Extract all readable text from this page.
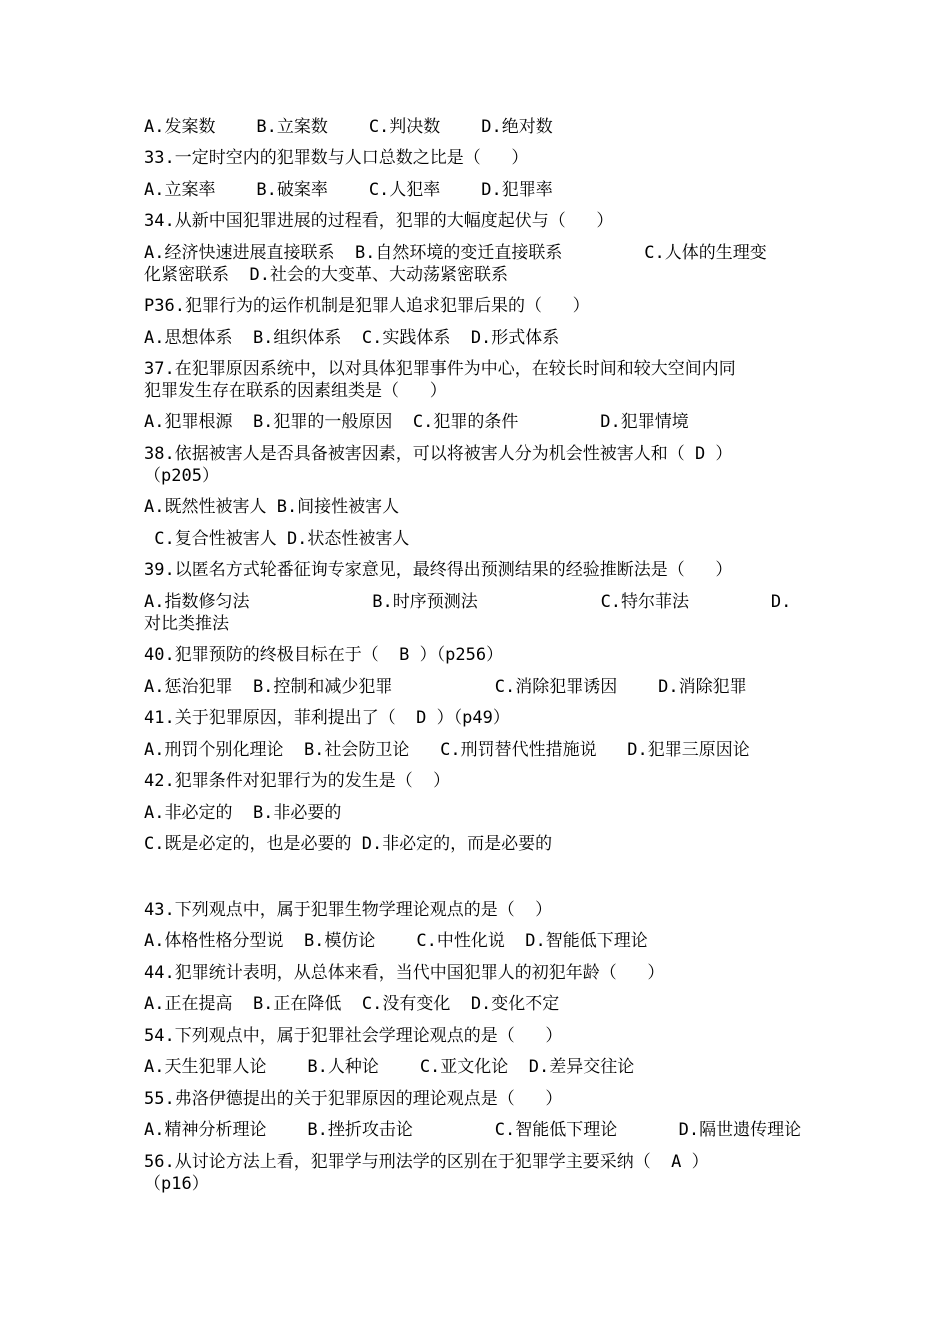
A.发案数    B.立案数    C.判决数    D.绝对数
33.一定时空内的犯罪数与人口总数之比是（   ）
A.立案率    B.破案率    C.人犯率    D.犯罪率
34.从新中国犯罪进展的过程看，犯罪的大幅度起伏与（   ）
A.经济快速进展直接联系  B.自然环境的变迁直接联系        C.人体的生理变
化紧密联系  D.社会的大变革、大动荡紧密联系
P36.犯罪行为的运作机制是犯罪人追求犯罪后果的（   ）
A.思想体系  B.组织体系  C.实践体系  D.形式体系
37.在犯罪原因系统中，以对具体犯罪事件为中心，在较长时间和较大空间内同
犯罪发生存在联系的因素组类是（   ）
A.犯罪根源  B.犯罪的一般原因  C.犯罪的条件        D.犯罪情境
38.依据被害人是否具备被害因素，可以将被害人分为机会性被害人和（ D ）
（p205）
A.既然性被害人 B.间接性被害人
C.复合性被害人 D.状态性被害人
39.以匿名方式轮番征询专家意见，最终得出预测结果的经验推断法是（   ）
A.指数修匀法            B.时序预测法            C.特尔菲法        D.
对比类推法
40.犯罪预防的终极目标在于（  B ）（p256）
A.惩治犯罪  B.控制和减少犯罪          C.消除犯罪诱因    D.消除犯罪
41.关于犯罪原因，菲利提出了（  D ）（p49）
A.刑罚个别化理论  B.社会防卫论   C.刑罚替代性措施说   D.犯罪三原因论
42.犯罪条件对犯罪行为的发生是（  ）
A.非必定的  B.非必要的
C.既是必定的，也是必要的 D.非必定的，而是必要的
43.下列观点中，属于犯罪生物学理论观点的是（  ）
A.体格性格分型说  B.模仿论    C.中性化说  D.智能低下理论
44.犯罪统计表明，从总体来看，当代中国犯罪人的初犯年龄（   ）
A.正在提高  B.正在降低  C.没有变化  D.变化不定
54.下列观点中，属于犯罪社会学理论观点的是（   ）
A.天生犯罪人论    B.人种论    C.亚文化论  D.差异交往论
55.弗洛伊德提出的关于犯罪原因的理论观点是（   ）
A.精神分析理论    B.挫折攻击论        C.智能低下理论      D.隔世遗传理论
56.从讨论方法上看，犯罪学与刑法学的区别在于犯罪学主要采纳（  A ）
（p16）
